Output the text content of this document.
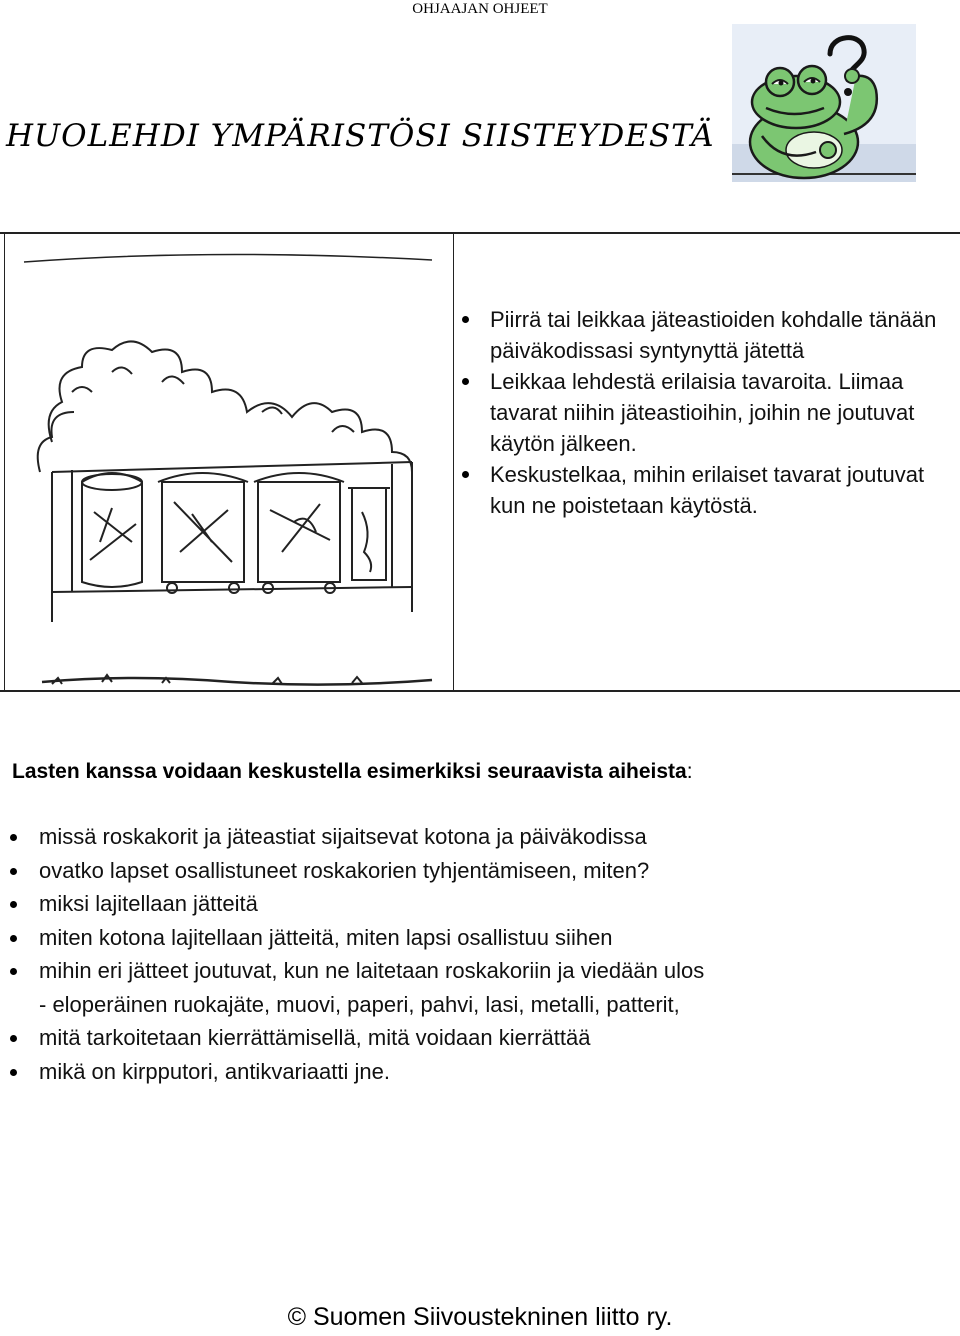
OHJAAJAN OHJEET
HUOLEHDI YMPÄRISTÖSI SIISTEYDESTÄ
Piirrä tai leikkaa jäteastioiden kohdalle tänään päiväkodissasi syntynyttä jätettä
Leikkaa lehdestä erilaisia tavaroita. Liimaa tavarat niihin jäteastioihin, joihin ne joutuvat käytön jälkeen.
Keskustelkaa, mihin erilaiset tavarat joutuvat kun ne poistetaan käytöstä.

Lasten kanssa voidaan keskustella esimerkiksi seuraavista aiheista:

missä roskakorit ja jäteastiat sijaitsevat kotona ja päiväkodissa
ovatko lapset osallistuneet roskakorien tyhjentämiseen, miten?
miksi lajitellaan jätteitä
miten kotona lajitellaan jätteitä, miten lapsi osallistuu siihen
mihin eri jätteet joutuvat, kun ne laitetaan roskakoriin ja viedään ulos
- eloperäinen ruokajäte, muovi, paperi, pahvi, lasi, metalli, patterit,
mitä tarkoitetaan kierrättämisellä, mitä voidaan kierrättää
mikä on kirpputori, antikvariaatti jne.
© Suomen Siivoustekninen liitto ry.
